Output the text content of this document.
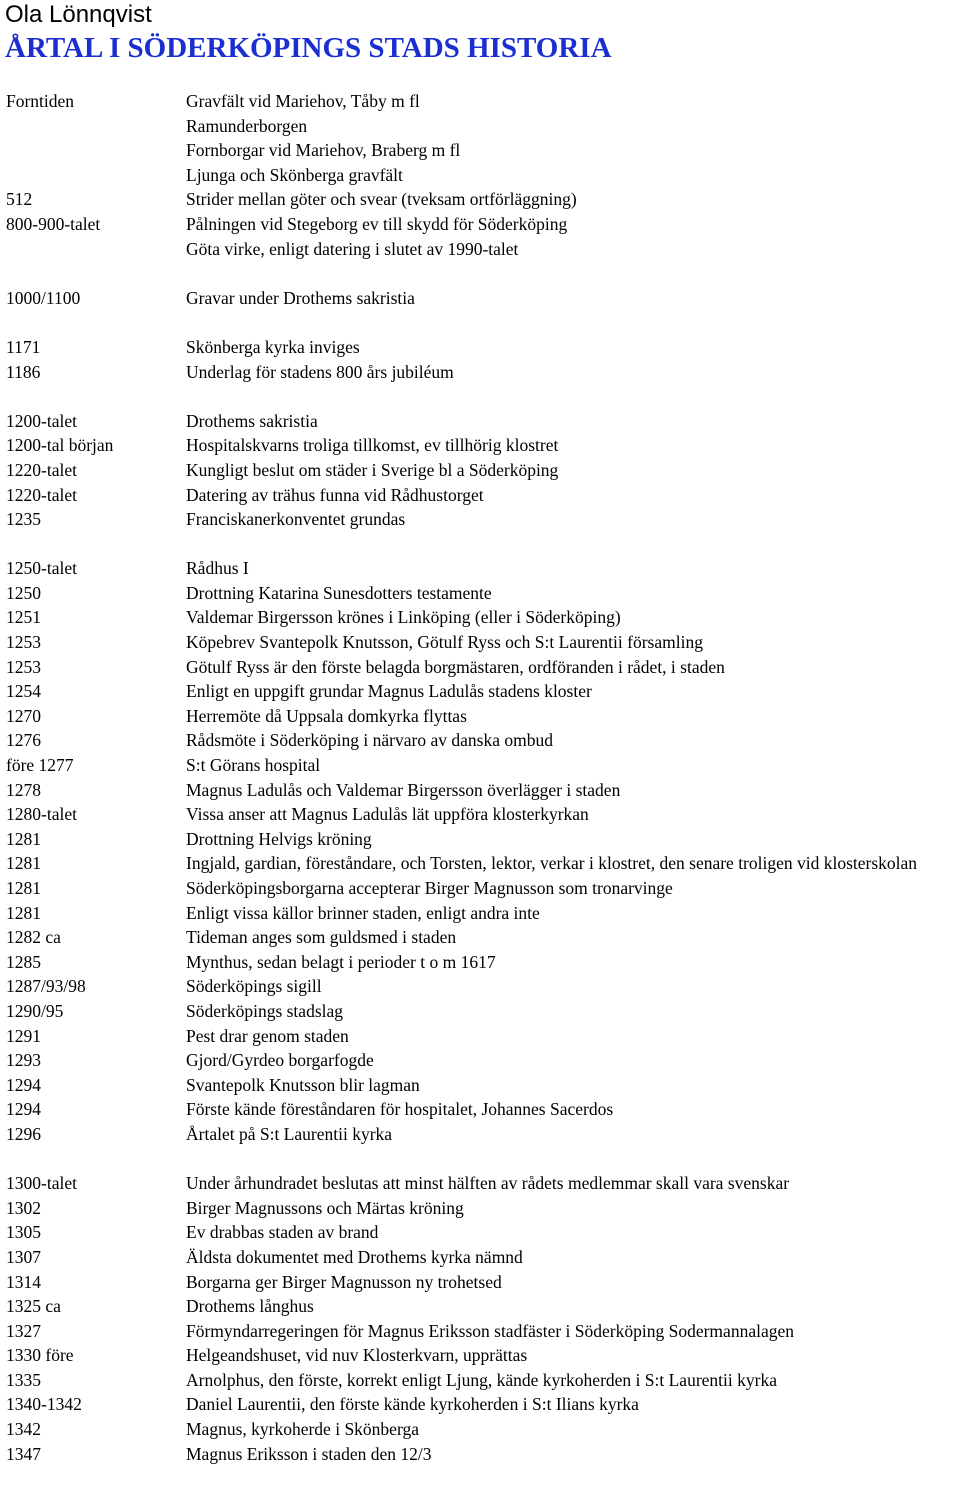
Ola Lönnqvist
ÅRTAL I SÖDERKÖPINGS STADS HISTORIA
Forntiden	Gravfält vid Mariehov, Tåby m fl
Ramunderborgen
Fornborgar vid Mariehov, Braberg m fl
Ljunga och Skönberga gravfält
512	Strider mellan göter och svear (tveksam ortförläggning)
800-900-talet	Pålningen vid Stegeborg ev till skydd för Söderköping
Göta virke, enligt datering i slutet av 1990-talet
1000/1100	Gravar under Drothems sakristia
1171	Skönberga kyrka inviges
1186	Underlag för stadens 800 års jubiléum
1200-talet	Drothems sakristia
1200-tal början	Hospitalskvarns troliga tillkomst, ev tillhörig klostret
1220-talet	Kungligt beslut om städer i Sverige bl a Söderköping
1220-talet	Datering av trähus funna vid Rådhustorget
1235	Franciskanerkonventet grundas
1250-talet	Rådhus I
1250	Drottning Katarina Sunesdotters testamente
1251	Valdemar Birgersson krönes i Linköping (eller i Söderköping)
1253	Köpebrev Svantepolk Knutsson, Götulf Ryss och S:t Laurentii församling
1253	Götulf Ryss är den förste belagda borgmästaren, ordföranden i rådet, i staden
1254	Enligt en uppgift grundar Magnus Ladulås stadens kloster
1270	Herremöte då Uppsala domkyrka flyttas
1276	Rådsmöte i Söderköping i närvaro av danska ombud
före 1277	S:t Görans hospital
1278	Magnus Ladulås och Valdemar Birgersson överlägger i staden
1280-talet	Vissa anser att Magnus Ladulås lät uppföra klosterkyrkan
1281	Drottning Helvigs kröning
1281	Ingjald, gardian, föreståndare, och Torsten, lektor, verkar i klostret, den senare troligen vid klosterskolan
1281	Söderköpingsborgarna accepterar Birger Magnusson som tronarvinge
1281	Enligt vissa källor brinner staden, enligt andra inte
1282 ca	Tideman anges som guldsmed i staden
1285	Mynthus, sedan belagt i perioder t o m 1617
1287/93/98	Söderköpings sigill
1290/95	Söderköpings stadslag
1291	Pest drar genom staden
1293	Gjord/Gyrdeo borgarfogde
1294	Svantepolk Knutsson blir lagman
1294	Förste kände föreståndaren för hospitalet, Johannes Sacerdos
1296	Årtalet på S:t Laurentii kyrka
1300-talet	Under århundradet beslutas att minst hälften av rådets medlemmar skall vara svenskar
1302	Birger Magnussons och Märtas kröning
1305	Ev drabbas staden av brand
1307	Äldsta dokumentet med Drothems kyrka nämnd
1314	Borgarna ger Birger Magnusson ny trohetsed
1325 ca	Drothems långhus
1327	Förmyndarregeringen för Magnus Eriksson stadfäster i Söderköping Sodermannalagen
1330 före	Helgeandshuset, vid nuv Klosterkvarn, upprättas
1335	Arnolphus, den förste, korrekt enligt Ljung, kände kyrkoherden i S:t Laurentii kyrka
1340-1342	Daniel Laurentii, den förste kände kyrkoherden i S:t Ilians kyrka
1342	Magnus, kyrkoherde i Skönberga
1347	Magnus Eriksson i staden den 12/3
